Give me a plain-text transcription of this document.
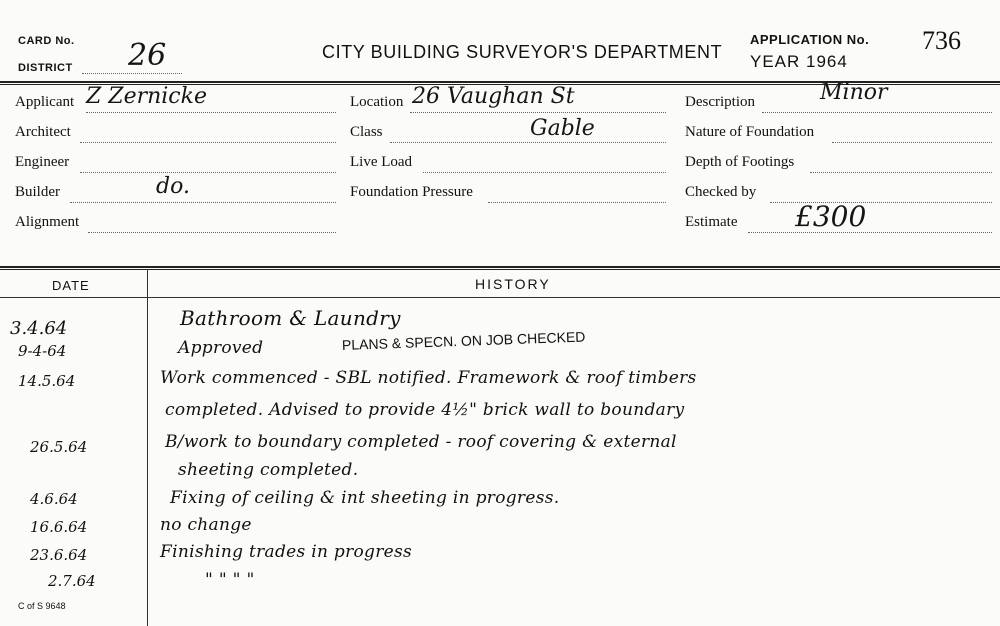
CARD No.
DISTRICT 26	CITY BUILDING SURVEYOR'S DEPARTMENT
APPLICATION No.
YEAR 1964
736
Applicant Z Zernicke
Architect
Engineer
Builder	do.
Alignment
Location 26 Vaughan St
Class	Gable
Live Load
Foundation Pressure
Description	Minor
Nature of Foundation
Depth of Footings
Checked by
Estimate £300
DATE	HISTORY
3.4.64	Bathroom & Laundry
9-4-64	Approved	PLANS & SPECN. ON JOB CHECKED
14.5.64	Work commenced - SBL notified. Framework & roof timbers
completed. Advised to provide 4½" brick wall to boundary
26.5.64	B/work to boundary completed - roof covering & external
sheeting completed.
4.6.64	Fixing of ceiling & int sheeting in progress.
16.6.64	no change
23.6.64	Finishing trades in progress
2.7.64	" " " "
C of S 9648
